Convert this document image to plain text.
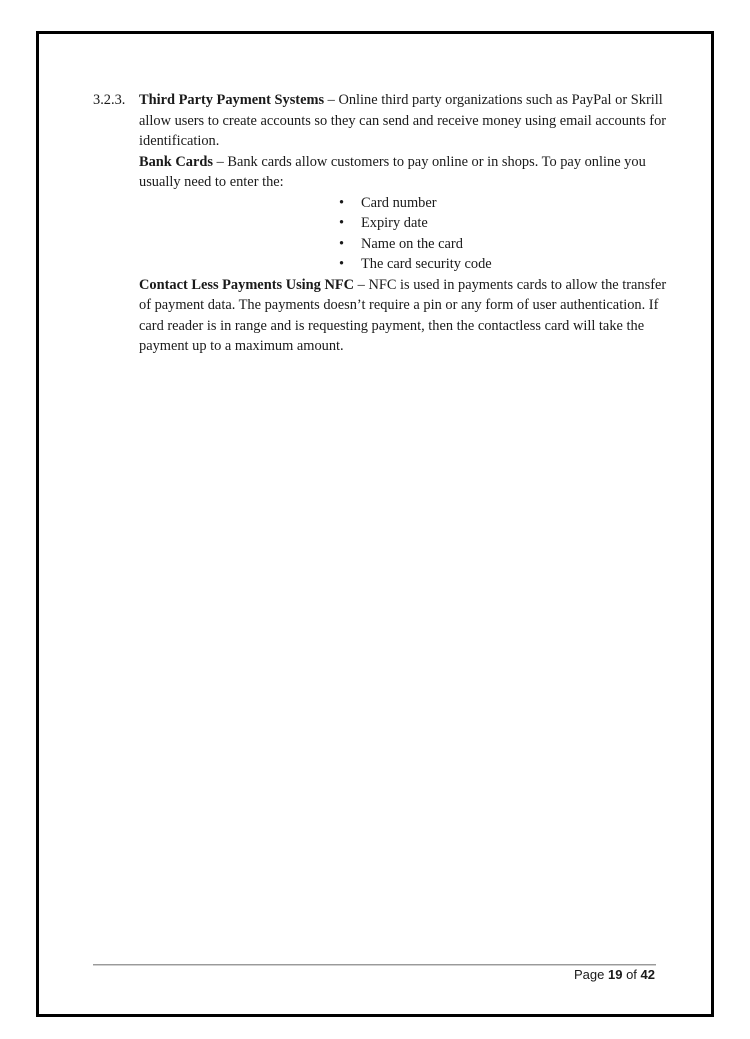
3.2.3. Third Party Payment Systems – Online third party organizations such as PayPal or Skrill allow users to create accounts so they can send and receive money using email accounts for identification.

Bank Cards – Bank cards allow customers to pay online or in shops. To pay online you usually need to enter the:

• Card number
• Expiry date
• Name on the card
• The card security code

Contact Less Payments Using NFC – NFC is used in payments cards to allow the transfer of payment data. The payments doesn’t require a pin or any form of user authentication. If card reader is in range and is requesting payment, then the contactless card will take the payment up to a maximum amount.

Page 19 of 42
